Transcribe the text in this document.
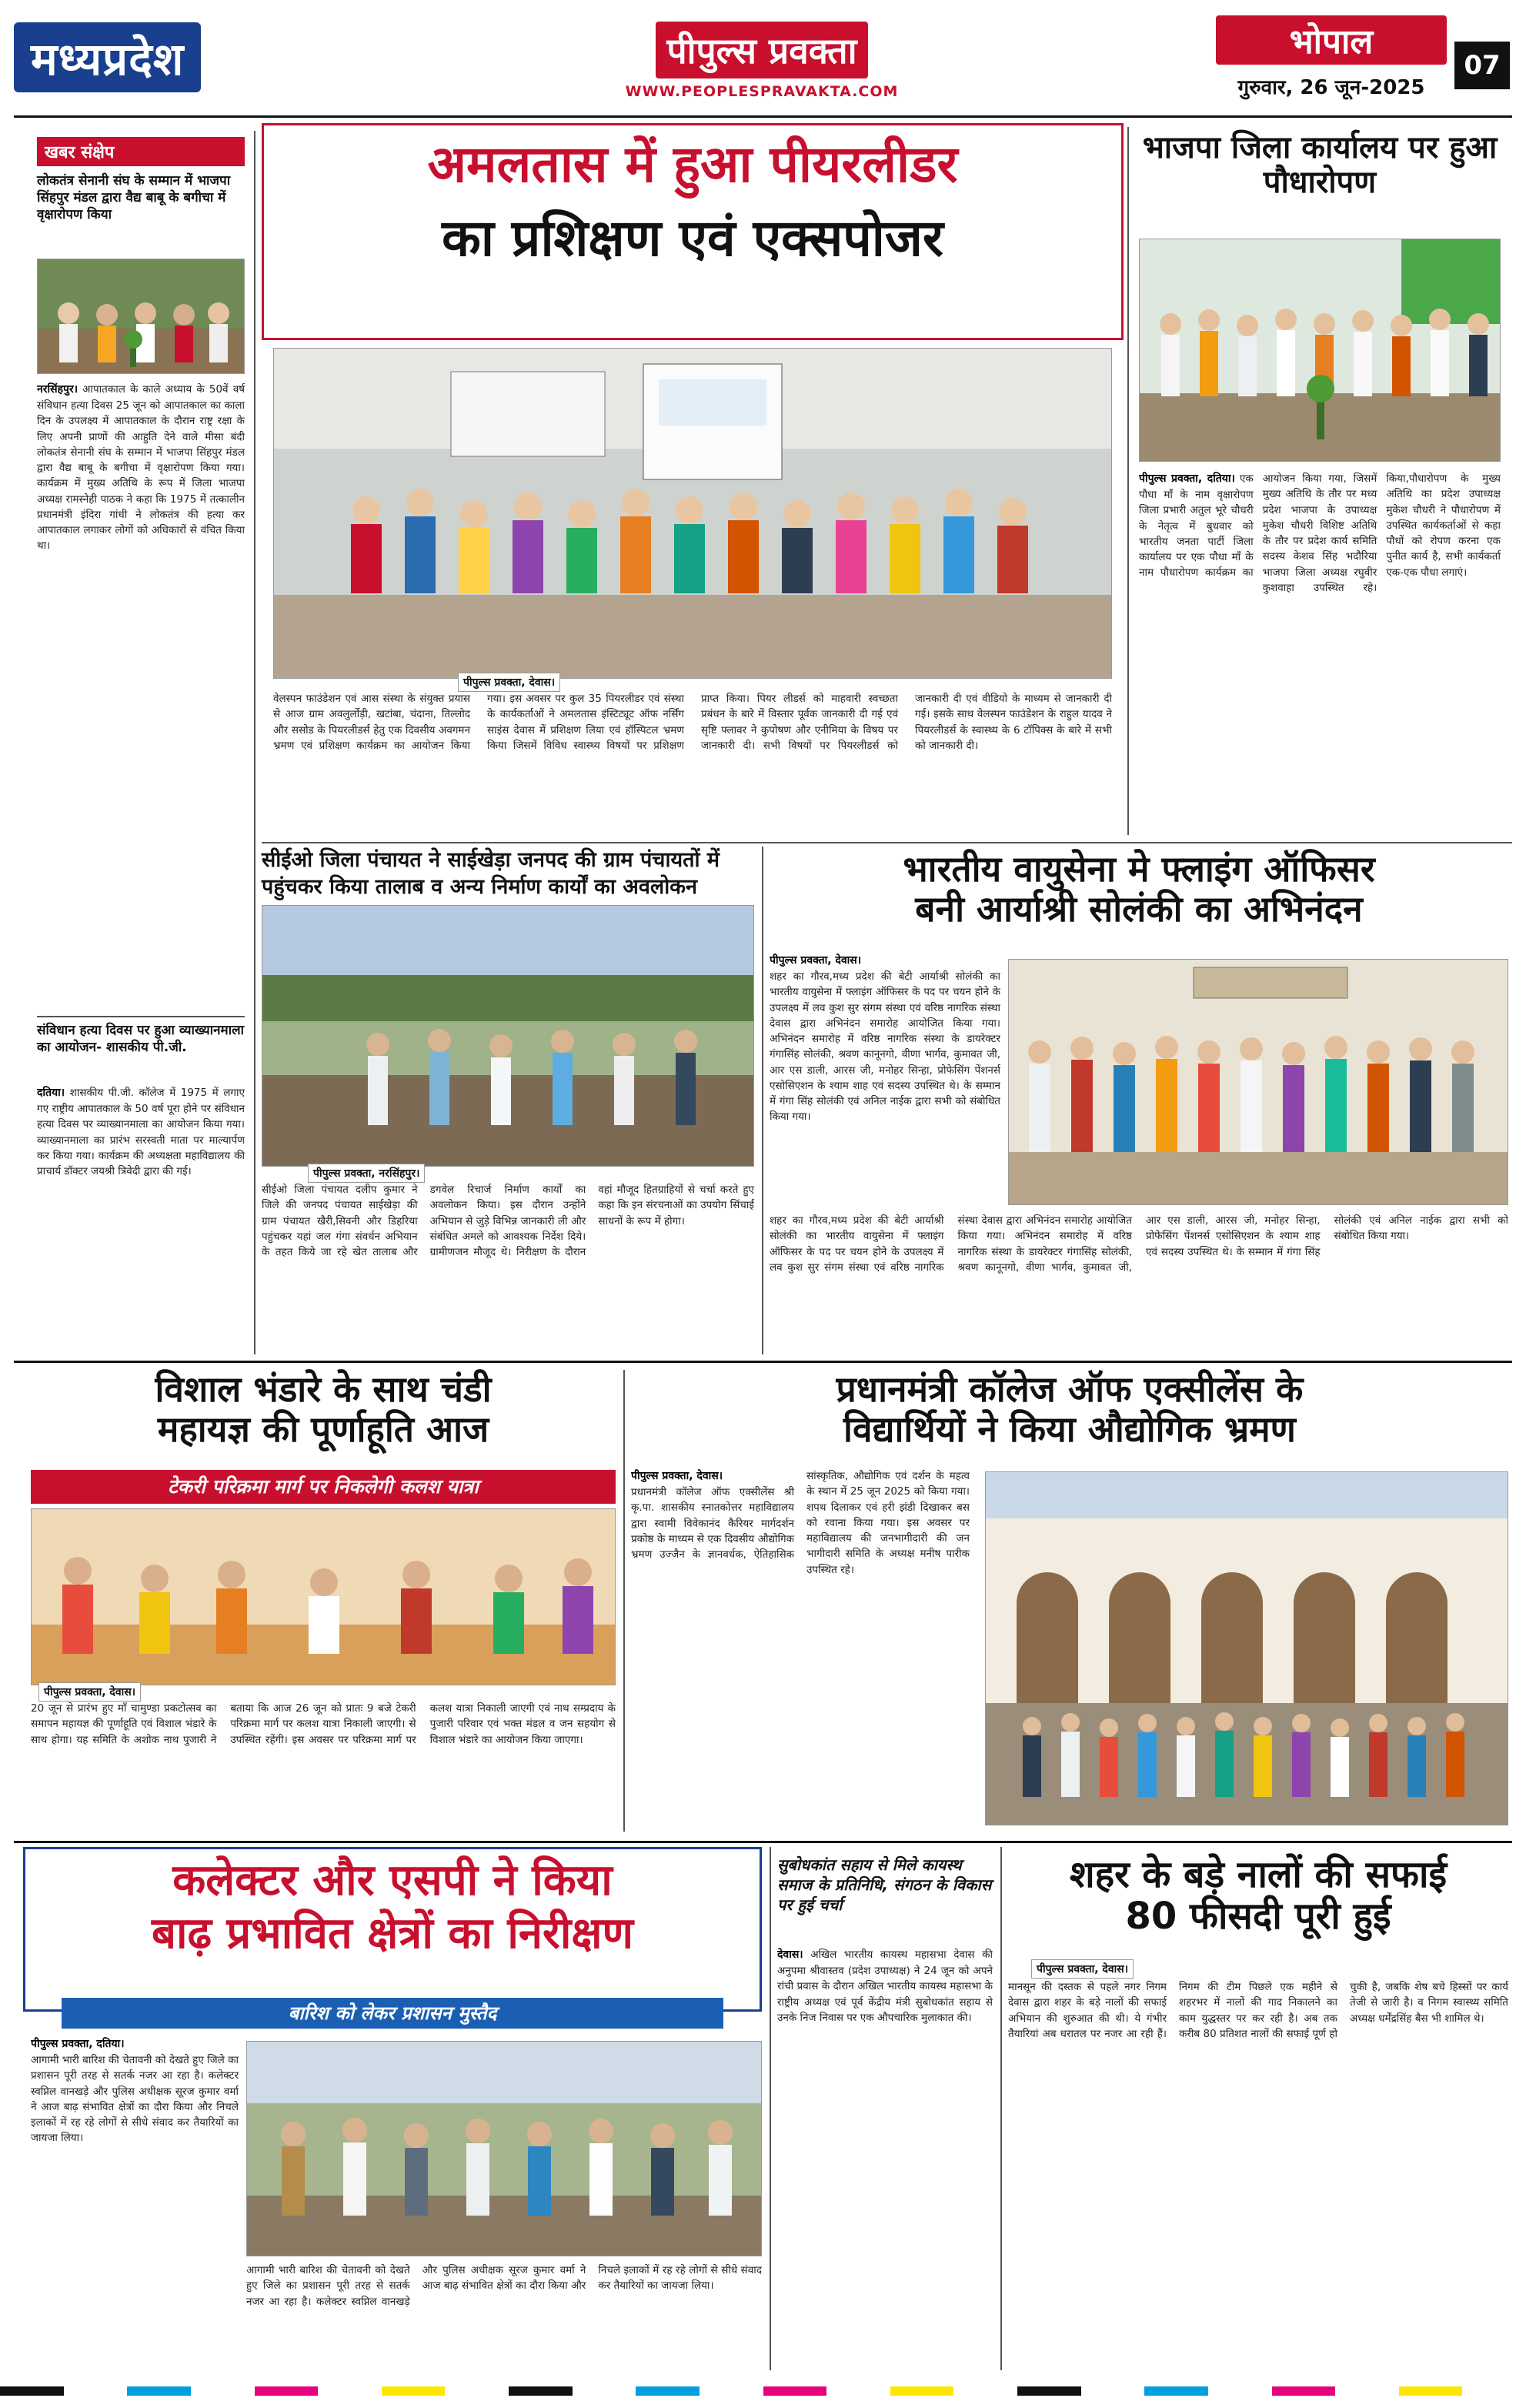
मध्यप्रदेश	पीपुल्स प्रवक्ता
WWW.PEOPLESPRAVAKTA.COM
भोपाल
गुरुवार, 26 जून-2025
07
खबर संक्षेप
लोकतंत्र सेनानी संघ के सम्मान में भाजपा सिंहपुर मंडल द्वारा वैद्य बाबू के बगीचा में वृक्षारोपण किया
नरसिंहपुर। आपातकाल के काले अध्याय के 50वें वर्ष संविधान हत्या दिवस 25 जून को आपातकाल का काला दिन के उपलक्ष्य में आपातकाल के दौरान राष्ट्र रक्षा के लिए अपनी प्राणों की आहुति देने वाले मीसा बंदी लोकतंत्र सेनानी संघ के सम्मान में भाजपा सिंहपुर मंडल द्वारा वैद्य बाबू के बगीचा में वृक्षारोपण किया गया। कार्यक्रम में मुख्य अतिथि के रूप में जिला भाजपा अध्यक्ष रामस्नेही पाठक ने कहा कि 1975 में तत्कालीन प्रधानमंत्री इंदिरा गांधी ने लोकतंत्र की हत्या कर आपातकाल लगाकर लोगों को अधिकारों से वंचित किया था।
संविधान हत्या दिवस पर हुआ व्याख्यानमाला का आयोजन- शासकीय पी.जी.
दतिया। शासकीय पी.जी. कॉलेज में 1975 में लगाए गए राष्ट्रीय आपातकाल के 50 वर्ष पूरा होने पर संविधान हत्या दिवस पर व्याख्यानमाला का आयोजन किया गया। व्याख्यानमाला का प्रारंभ सरस्वती माता पर माल्यार्पण कर किया गया। कार्यक्रम की अध्यक्षता महाविद्यालय की प्राचार्य डॉक्टर जयश्री त्रिवेदी द्वारा की गई।
अमलतास में हुआ पीयरलीडर
का प्रशिक्षण एवं एक्सपोजर
पीपुल्स प्रवक्ता, देवास।
वेलस्पन फाउंडेशन एवं आस संस्था के संयुक्त प्रयास से आज ग्राम अवलुर्लोड़ी, खटांबा, चंदाना, तिल्लोद और ससोड के पियरलीडर्स हेतु एक दिवसीय अवगमन भ्रमण एवं प्रशिक्षण कार्यक्रम का आयोजन किया गया। इस अवसर पर कुल 35 पियरलीडर एवं संस्था के कार्यकर्ताओं ने अमलतास इंस्टिट्यूट ऑफ नर्सिंग साइंस देवास में प्रशिक्षण लिया एवं हॉस्पिटल भ्रमण किया जिसमें विविध स्वास्थ्य विषयों पर प्रशिक्षण प्राप्त किया। पियर लीडर्स को माहवारी स्वच्छता प्रबंधन के बारे में विस्तार पूर्वक जानकारी दी गई एवं सृष्टि फ्लावर ने कुपोषण और एनीमिया के विषय पर जानकारी दी। सभी विषयों पर पियरलीडर्स को जानकारी दी एवं वीडियो के माध्यम से जानकारी दी गई। इसके साथ वेलस्पन फाउंडेशन के राहुल यादव ने पियरलीडर्स के स्वास्थ्य के 6 टॉपिक्स के बारे में सभी को जानकारी दी।
भाजपा जिला कार्यालय पर हुआ पौधारोपण
पीपुल्स प्रवक्ता, दतिया। एक पौधा माँ के नाम वृक्षारोपण जिला प्रभारी अतुल भूरे चौधरी के नेतृत्व में बुधवार को भारतीय जनता पार्टी जिला कार्यालय पर एक पौधा माँ के नाम पौधारोपण कार्यक्रम का आयोजन किया गया, जिसमें मुख्य अतिथि के तौर पर मध्य प्रदेश भाजपा के उपाध्यक्ष मुकेश चौधरी विशिष्ट अतिथि के तौर पर प्रदेश कार्य समिति सदस्य केशव सिंह भदौरिया भाजपा जिला अध्यक्ष रघुवीर कुशवाहा उपस्थित रहे। किया,पौधारोपण के मुख्य अतिथि का प्रदेश उपाध्यक्ष मुकेश चौधरी ने पौधारोपण में उपस्थित कार्यकर्ताओं से कहा पौधों को रोपण करना एक पुनीत कार्य है, सभी कार्यकर्ता एक-एक पौधा लगाएं।
सीईओ जिला पंचायत ने साईखेड़ा जनपद की ग्राम पंचायतों में
पहुंचकर किया तालाब व अन्य निर्माण कार्यों का अवलोकन
पीपुल्स प्रवक्ता, नरसिंहपुर।
सीईओ जिला पंचायत दलीप कुमार ने जिले की जनपद पंचायत साईखेड़ा की ग्राम पंचायत खैरी,सिवनी और डिहरिया पहुंचकर यहां जल गंगा संवर्धन अभियान के तहत किये जा रहे खेत तालाब और डगवेल रिचार्ज निर्माण कार्यों का अवलोकन किया। इस दौरान उन्होंने अभियान से जुड़े विभिन्न जानकारी ली और संबंधित अमले को आवश्यक निर्देश दिये। ग्रामीणजन मौजूद थे। निरीक्षण के दौरान वहां मौजूद हितग्राहियों से चर्चा करते हुए कहा कि इन संरचनाओं का उपयोग सिंचाई साधनों के रूप में होगा।
भारतीय वायुसेना मे फ्लाइंग ऑफिसर
बनी आर्याश्री सोलंकी का अभिनंदन
पीपुल्स प्रवक्ता, देवास।
शहर का गौरव,मध्य प्रदेश की बेटी आर्याश्री सोलंकी का भारतीय वायुसेना में फ्लाइंग ऑफिसर के पद पर चयन होने के उपलक्ष्य में लव कुश सुर संगम संस्था एवं वरिष्ठ नागरिक संस्था देवास द्वारा अभिनंदन समारोह आयोजित किया गया। अभिनंदन समारोह में वरिष्ठ नागरिक संस्था के डायरेक्टर गंगासिंह सोलंकी, श्रवण कानूनगो, वीणा भार्गव, कुमावत जी, आर एस डाली, आरस जी, मनोहर सिन्हा, प्रोफेसिंग पेंशनर्स एसोसिएशन के श्याम शाह एवं सदस्य उपस्थित थे। के सम्मान में गंगा सिंह सोलंकी एवं अनिल नाईक द्वारा सभी को संबोधित किया गया।
शहर का गौरव,मध्य प्रदेश की बेटी आर्याश्री सोलंकी का भारतीय वायुसेना में फ्लाइंग ऑफिसर के पद पर चयन होने के उपलक्ष्य में लव कुश सुर संगम संस्था एवं वरिष्ठ नागरिक संस्था देवास द्वारा अभिनंदन समारोह आयोजित किया गया। अभिनंदन समारोह में वरिष्ठ नागरिक संस्था के डायरेक्टर गंगासिंह सोलंकी, श्रवण कानूनगो, वीणा भार्गव, कुमावत जी, आर एस डाली, आरस जी, मनोहर सिन्हा, प्रोफेसिंग पेंशनर्स एसोसिएशन के श्याम शाह एवं सदस्य उपस्थित थे। के सम्मान में गंगा सिंह सोलंकी एवं अनिल नाईक द्वारा सभी को संबोधित किया गया।
विशाल भंडारे के साथ चंडी
महायज्ञ की पूर्णाहूति आज
टेकरी परिक्रमा मार्ग पर निकलेगी कलश यात्रा
पीपुल्स प्रवक्ता, देवास।
20 जून से प्रारंभ हुए माँ चामुण्डा प्रकटोत्सव का समापन महायज्ञ की पूर्णाहूति एवं विशाल भंडारे के साथ होगा। यह समिति के अशोक नाथ पुजारी ने बताया कि आज 26 जून को प्रातः 9 बजे टेकरी परिक्रमा मार्ग पर कलश यात्रा निकाली जाएगी। से उपस्थित रहेंगी। इस अवसर पर परिक्रमा मार्ग पर कलश यात्रा निकाली जाएगी एवं नाथ सम्प्रदाय के पुजारी परिवार एवं भक्त मंडल व जन सहयोग से विशाल भंडारे का आयोजन किया जाएगा।
प्रधानमंत्री कॉलेज ऑफ एक्सीलेंस के
विद्यार्थियों ने किया औद्योगिक भ्रमण
पीपुल्स प्रवक्ता, देवास।
प्रधानमंत्री कॉलेज ऑफ एक्सीलेंस श्री कृ.पा. शासकीय स्नातकोत्तर महाविद्यालय द्वारा स्वामी विवेकानंद कैरियर मार्गदर्शन प्रकोष्ठ के माध्यम से एक दिवसीय औद्योगिक भ्रमण उज्जैन के ज्ञानवर्धक, ऐतिहासिक सांस्कृतिक, औद्योगिक एवं दर्शन के महत्व के स्थान में 25 जून 2025 को किया गया। शपथ दिलाकर एवं हरी झंडी दिखाकर बस को रवाना किया गया। इस अवसर पर महाविद्यालय की जनभागीदारी की जन भागीदारी समिति के अध्यक्ष मनीष पारीक उपस्थित रहे।
कलेक्टर और एसपी ने किया
बाढ़ प्रभावित क्षेत्रों का निरीक्षण
बारिश को लेकर प्रशासन मुस्तैद
पीपुल्स प्रवक्ता, दतिया।
आगामी भारी बारिश की चेतावनी को देखते हुए जिले का प्रशासन पूरी तरह से सतर्क नजर आ रहा है। कलेक्टर स्वप्निल वानखड़े और पुलिस अधीक्षक सूरज कुमार वर्मा ने आज बाढ़ संभावित क्षेत्रों का दौरा किया और निचले इलाकों में रह रहे लोगों से सीधे संवाद कर तैयारियों का जायजा लिया।
आगामी भारी बारिश की चेतावनी को देखते हुए जिले का प्रशासन पूरी तरह से सतर्क नजर आ रहा है। कलेक्टर स्वप्निल वानखड़े और पुलिस अधीक्षक सूरज कुमार वर्मा ने आज बाढ़ संभावित क्षेत्रों का दौरा किया और निचले इलाकों में रह रहे लोगों से सीधे संवाद कर तैयारियों का जायजा लिया।
सुबोधकांत सहाय से मिले कायस्थ समाज के प्रतिनिधि, संगठन के विकास पर हुई चर्चा
देवास। अखिल भारतीय कायस्थ महासभा देवास की अनुपमा श्रीवास्तव (प्रदेश उपाध्यक्ष) ने 24 जून को अपने रांची प्रवास के दौरान अखिल भारतीय कायस्थ महासभा के राष्ट्रीय अध्यक्ष एवं पूर्व केंद्रीय मंत्री सुबोधकांत सहाय से उनके निज निवास पर एक औपचारिक मुलाकात की।
शहर के बड़े नालों की सफाई
80 फीसदी पूरी हुई
पीपुल्स प्रवक्ता, देवास।
मानसून की दस्तक से पहले नगर निगम देवास द्वारा शहर के बड़े नालों की सफाई अभियान की शुरुआत की थी। ये गंभीर तैयारियां अब धरातल पर नजर आ रही हैं। निगम की टीम पिछले एक महीने से शहरभर में नालों की गाद निकालने का काम युद्धस्तर पर कर रही है। अब तक करीब 80 प्रतिशत नालों की सफाई पूर्ण हो चुकी है, जबकि शेष बचे हिस्सों पर कार्य तेजी से जारी है। व निगम स्वास्थ्य समिति अध्यक्ष धर्मेंद्रसिंह बैस भी शामिल थे।
